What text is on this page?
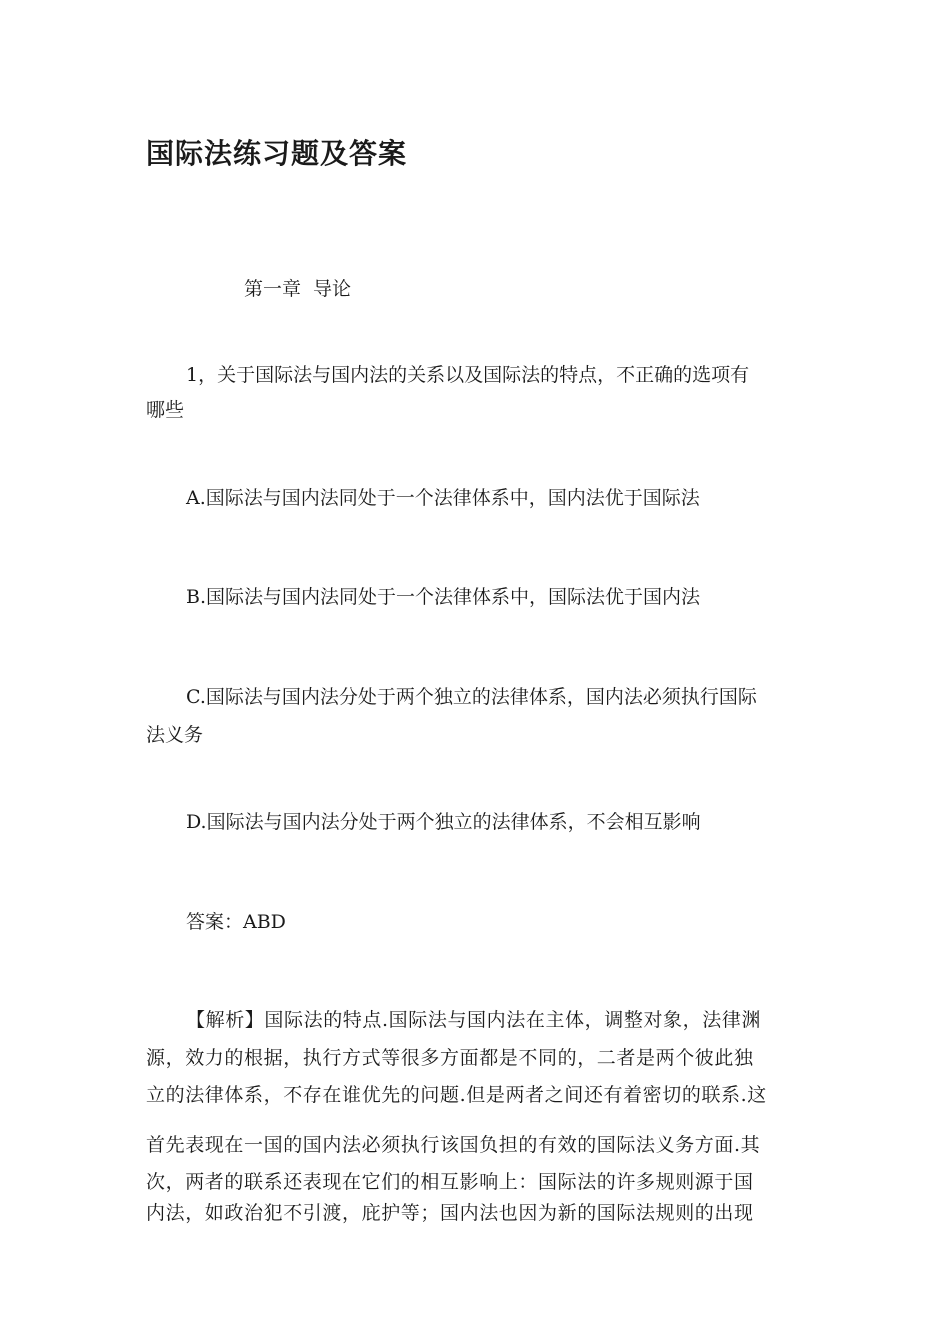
国际法练习题及答案
第一章 导论
1，关于国际法与国内法的关系以及国际法的特点，不正确的选项有
哪些
A.国际法与国内法同处于一个法律体系中，国内法优于国际法
B.国际法与国内法同处于一个法律体系中，国际法优于国内法
C.国际法与国内法分处于两个独立的法律体系，国内法必须执行国际
法义务
D.国际法与国内法分处于两个独立的法律体系，不会相互影响
答案：ABD
【解析】国际法的特点.国际法与国内法在主体，调整对象，法律渊
源，效力的根据，执行方式等很多方面都是不同的，二者是两个彼此独
立的法律体系，不存在谁优先的问题.但是两者之间还有着密切的联系.这
首先表现在一国的国内法必须执行该国负担的有效的国际法义务方面.其
次，两者的联系还表现在它们的相互影响上：国际法的许多规则源于国
内法，如政治犯不引渡，庇护等；国内法也因为新的国际法规则的出现
